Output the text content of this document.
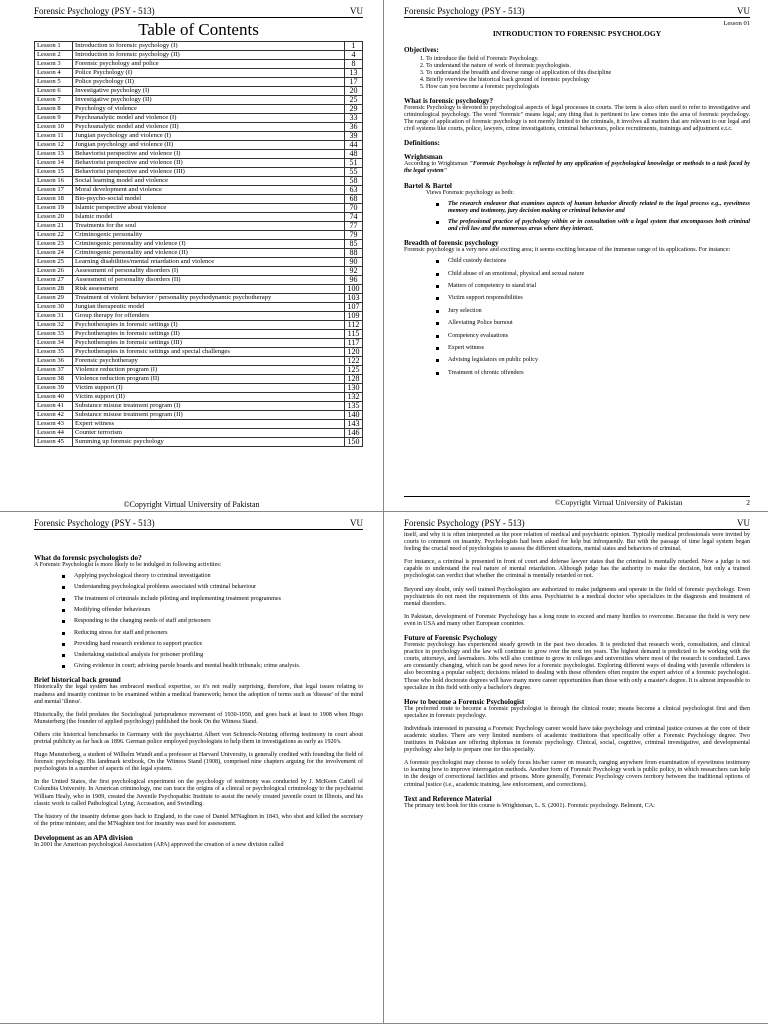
Forensic Psychology (PSY - 513)	VU
Table of Contents
Lesson 1	Introduction to forensic psychology (I)	1
Lesson 2	Introduction to forensic psychology (II)	4
Lesson 3	Forensic psychology and police	8
Lesson 4	Police Psychology (I)	13
Lesson 5	Police psychology (II)	17
Lesson 6	Investigative psychology (I)	20
Lesson 7	Investigative psychology (II)	25
Lesson 8	Psychology of violence	29
Lesson 9	Psychoanalytic model and violence (I)	33
Lesson 10	Psychoanalytic model and violence (II)	36
Lesson 11	Jungian psychology and violence (I)	39
Lesson 12	Jungian psychology and violence (II)	44
Lesson 13	Behaviorist perspective and violence (I)	48
Lesson 14	Behaviorist perspective and violence (II)	51
Lesson 15	Behaviorist perspective and violence (III)	55
Lesson 16	Social learning model and violence	58
Lesson 17	Moral development and violence	63
Lesson 18	Bio-psycho-social model	68
Lesson 19	Islamic perspective about violence	70
Lesson 20	Islamic model	74
Lesson 21	Treatments for the soul	77
Lesson 22	Criminogenic personality	79
Lesson 23	Criminogenic personality and violence (I)	85
Lesson 24	Criminogenic personality and violence (II)	88
Lesson 25	Learning disabilities/mental retardation and violence	90
Lesson 26	Assessment of personality disorders (I)	92
Lesson 27	Assessment of personality disorders (II)	96
Lesson 28	Risk assessment	100
Lesson 29	Treatment of violent behavior / personality psychodynamic psychotherapy	103
Lesson 30	Jungian therapeutic model	107
Lesson 31	Group therapy for offenders	109
Lesson 32	Psychotherapies in forensic settings (I)	112
Lesson 33	Psychotherapies in forensic settings (II)	115
Lesson 34	Psychotherapies in forensic settings (III)	117
Lesson 35	Psychotherapies in forensic settings and special challenges	120
Lesson 36	Forensic psychotherapy	122
Lesson 37	Violence reduction program (I)	125
Lesson 38	Violence reduction program (II)	128
Lesson 39	Victim support (I)	130
Lesson 40	Victim support (II)	132
Lesson 41	Substance misuse treatment program (I)	135
Lesson 42	Substance misuse treatment program (II)	140
Lesson 43	Expert witness	143
Lesson 44	Counter terrorism	146
Lesson 45	Summing up forensic psychology	150
©Copyright Virtual University of Pakistan
Forensic Psychology (PSY - 513)	VU
Lesson 01
INTRODUCTION TO FORENSIC PSYCHOLOGY
Objectives:
1. To introduce the field of Forensic Psychology.
2. To understand the nature of work of forensic psychologists.
3. To understand the breadth and diverse range of application of this discipline
4. Briefly overview the historical back ground of forensic psychology
5. How can you become a forensic psychologists
What is forensic psychology?

Forensic Psychology is devoted to psychological aspects of legal processes in courts. The term is also often used to refer to investigative and criminological psychology. The word "forensic" means legal; any thing that is pertinent to law comes into the area of forensic psychology. The range of application of forensic psychology is not merely limited to the criminals, it involves all matters that are relevant to our legal and civil systems like courts, police, lawyers, crime investigations, criminal behaviours, police recruitments, trainings and adjustment e.t.c.

Definitions:
Wrightsman

According to Wrightsman "Forensic Psychology is reflected by any application of psychological knowledge or methods to a task faced by the legal system"

Bartel & Bartel

Views Forensic psychology as both:

The research endeavor that examines aspects of human behavior directly related to the legal process e.g., eyewitness memory and testimony, jury decision making or criminal behavior and
The professional practice of psychology within or in consultation with a legal system that encompasses both criminal and civil law and the numerous areas where they interact.
Breadth of forensic psychology

Forensic psychology is a very new and exciting area; it seems exciting because of the immense range of its applications. For instance:

Child custody decisions
Child abuse of an emotional, physical and sexual nature
Matters of competency to stand trial
Victim support responsibilities
Jury selection
Alleviating Police burnout
Competency evaluations
Expert witness
Advising legislators on public policy
Treatment of chronic offenders
©Copyright Virtual University of Pakistan	2
Forensic Psychology (PSY - 513)	VU
What do forensic psychologists do?

A Forensic Psychologist is more likely to be indulged in following activities:

Applying psychological theory to criminal investigation
Understanding psychological problems associated with criminal behaviour
The treatment of criminals include piloting and implementing treatment programmes
Modifying offender behaviours
Responding to the changing needs of staff and prisoners
Reducing stress for staff and prisoners
Providing hard research evidence to support practice
Undertaking statistical analysis for prisoner profiling
Giving evidence in court; advising parole boards and mental health tribunals; crime analysis.
Brief historical back ground

Historically the legal system has embraced medical expertise, so it's not really surprising, therefore, that legal issues relating to madness and insanity continue to be examined within a medical framework; hence the adoption of terms such as 'disease' of the mind and mental 'illness'.

Historically, the field predates the Sociological jurisprudence movement of 1930-1950, and goes back at least to 1908 when Hugo Munsterberg (the founder of applied psychology) published the book On the Witness Stand.

Others cite historical benchmarks in Germany with the psychiatrist Albert von Schrenck-Notzing offering testimony in court about pretrial publicity as far back as 1896. German police employed psychologists to help them in investigations as early as 1920's.

Hugo Munsterberg, a student of Wilhelm Wundt and a professor at Harvard University, is generally credited with founding the field of forensic psychology. His landmark textbook, On the Witness Stand (1908), comprised nine chapters arguing for the involvement of psychologists in a number of aspects of the legal system.

In the United States, the first psychological experiment on the psychology of testimony was conducted by J. McKeen Cattell of Columbia University. In American criminology, one can trace the origins of a clinical or psychological criminology to the psychiatrist William Healy, who in 1909, created the Juvenile Psychopathic Institute to assist the newly created juvenile court in Illinois, and his classic work is called Pathological Lying, Accusation, and Swindling.

The history of the insanity defense goes back to England, to the case of Daniel M'Naghten in 1843, who shot and killed the secretary of the prime minister, and the M'Naghten test for insanity was used for assessment.

Development as an APA division

In 2001 the American psychological Association (APA) approved the creation of a new division called

Forensic Psychology (PSY - 513)	VU

itself, and why it is often interpreted as the poor relation of medical and psychiatric opinion. Typically medical professionals were invited by courts to comment on insanity. Psychologists had been asked for help but infrequently. But with the passage of time legal system began feeling the crucial need of psychologists to assess the different situations, mental states and behaviors of criminal.

For instance, a criminal is presented in front of court and defense lawyer states that the criminal is mentally retarded. Now a judge is not capable to understand the real nature of mental retardation. Although judge has the authority to make the decision, but only a trained psychologist can verdict that whether the criminal is mentally retarded or not.

Beyond any doubt, only well trained Psychologists are authorized to make judgments and operate in the field of forensic psychology. Even psychiatrists do not meet the requirements of this area. Psychiatrist is a medical doctor who specializes in the diagnosis and treatment of mental disorders.

In Pakistan, development of Forensic Psychology has a long route to exceed and many hurdles to overcome. Because the field is very new even in USA and many other European countries.

Future of Forensic Psychology

Forensic psychology has experienced steady growth in the past two decades. It is predicted that research work, consultation, and clinical practice in psychology and the law will continue to grow over the next ten years. The highest demand is predicted to be working with the courts, attorneys, and lawmakers. Jobs will also continue to grow in colleges and universities where most of the research is conducted. Laws are constantly changing, which can be good news for a forensic psychologist. Exploring different ways of dealing with juvenile offenders is also becoming a popular subject; decisions related to dealing with these offenders often require the expert advice of a forensic psychologist. Those who hold doctorate degrees will have many more career opportunities than those with only a master's degree. It is almost impossible to specialize in this field with only a bachelor's degree.

How to become a Forensic Psychologist

The preferred route to become a forensic psychologist is through the clinical route; means become a clinical psychologist first and then specialize in forensic psychology.

Individuals interested in pursuing a Forensic Psychology career would have take psychology and criminal justice courses at the core of their academic studies. There are very limited numbers of academic institutions that specifically offer a Forensic Psychology degree. Two institutes in Pakistan are offering diplomas in forensic psychology. Clinical, social, cognitive, criminal investigative, and developmental psychology also help to prepare one for this specialty.

A forensic psychologist may choose to solely focus his/her career on research, ranging anywhere from examination of eyewitness testimony to learning how to improve interrogation methods. Another form of Forensic Psychology work is public policy, in which researchers can help in the design of correctional facilities and prisons. More generally, Forensic Psychology covers territory between the traditional options of criminal justice (i.e., academic training, law enforcement, and corrections).

Text and Reference Material

The primary text book for this course is Wrightsman, L. S. (2001). Forensic psychology. Belmont, CA:
